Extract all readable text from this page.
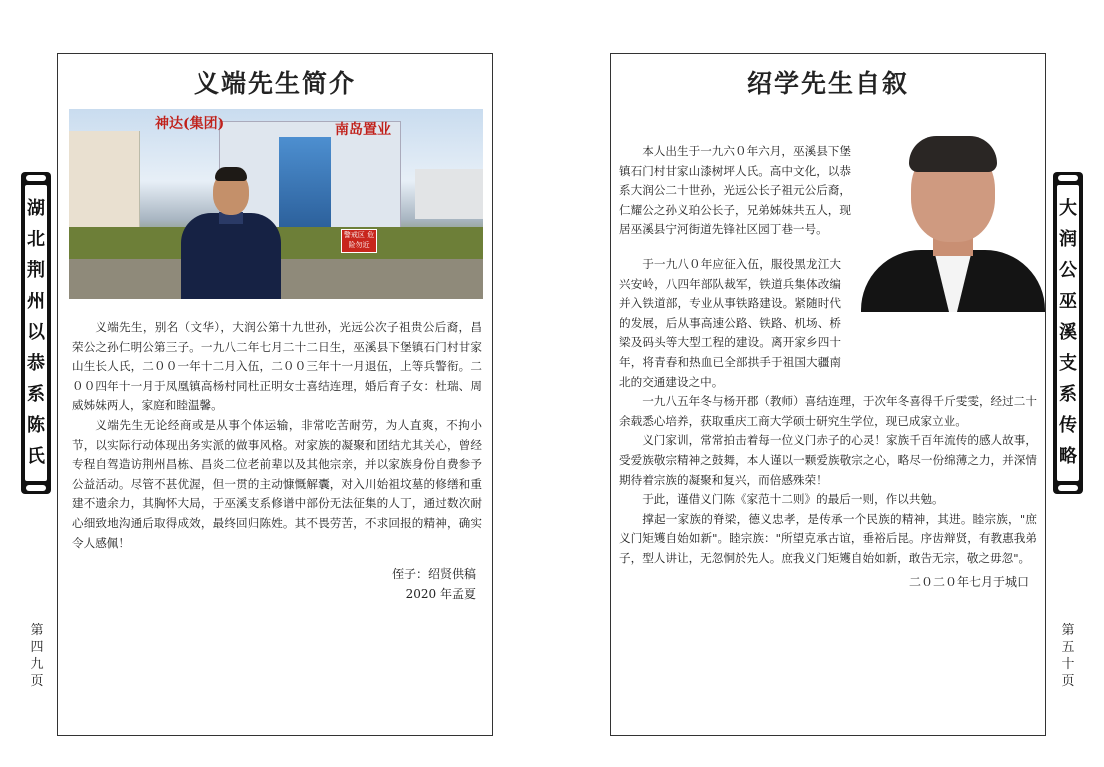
湖
北
荆
州
以
恭
系
陈
氏
第
四
九
页
义端先生简介
神达(集团)	南岛置业
警戒区 危险勿近

义端先生，别名（文华），大润公第十九世孙，光远公次子祖贵公后裔，昌荣公之孙仁明公第三子。一九八二年七月二十二日生，巫溪县下堡镇石门村甘家山生长人氏，二００一年十二月入伍，二００三年十一月退伍，上等兵警衔。二００四年十一月于凤凰镇高杨村同杜正明女士喜结连理，婚后育子女：杜瑞、周威姊妹两人，家庭和睦温馨。

义端先生无论经商或是从事个体运输，非常吃苦耐劳，为人直爽，不拘小节，以实际行动体现出务实派的做事风格。对家族的凝聚和团结尤其关心，曾经专程自驾造访荆州昌栋、昌炎二位老前辈以及其他宗亲，并以家族身份自费参予公益活动。尽管不甚优渥，但一贯的主动慷慨解囊，对入川始祖坟墓的修缮和重建不遗余力，其胸怀大局，于巫溪支系修谱中部份无法征集的人丁，通过数次耐心细致地沟通后取得成效，最终回归陈姓。其不畏劳苦，不求回报的精神，确实令人感佩！

侄子：绍贤供稿
2020 年孟夏
绍学先生自叙

本人出生于一九六０年六月，巫溪县下堡镇石门村甘家山漆树坪人氏。高中文化，以恭系大润公二十世孙，光远公长子祖元公后裔，仁耀公之孙义珀公长子，兄弟姊妹共五人，现居巫溪县宁河街道先锋社区园丁巷一号。

于一九八０年应征入伍，服役黑龙江大兴安岭，八四年部队裁军，铁道兵集体改编并入铁道部，专业从事铁路建设。紧随时代的发展，后从事高速公路、铁路、机场、桥梁及码头等大型工程的建设。离开家乡四十年，将青春和热血已全部拱手于祖国大疆南北的交通建设之中。

一九八五年冬与杨开郡（教师）喜结连理，于次年冬喜得千斤雯雯，经过二十余载悉心培养，获取重庆工商大学硕士研究生学位，现已成家立业。

义门家训，常常拍击着每一位义门赤子的心灵！家族千百年流传的感人故事，受爱族敬宗精神之鼓舞，本人谨以一颗爱族敬宗之心，略尽一份绵薄之力，并深情期待着宗族的凝聚和复兴，而倍感殊荣！

于此，谨借义门陈《家范十二则》的最后一则，作以共勉。

撑起一家族的脊梁，德义忠孝，是传承一个民族的精神，其进。睦宗族，"庶义门矩矱自始如新"。睦宗族："所望克承古谊，垂裕后昆。序齿辩贤，有教惠我弟子，型人讲让，无忽恫於先人。庶我义门矩矱自始如新，敢告无宗，敬之毋忽"。

二０二０年七月于城口
大
润
公
巫
溪
支
系
传
略
第
五
十
页
